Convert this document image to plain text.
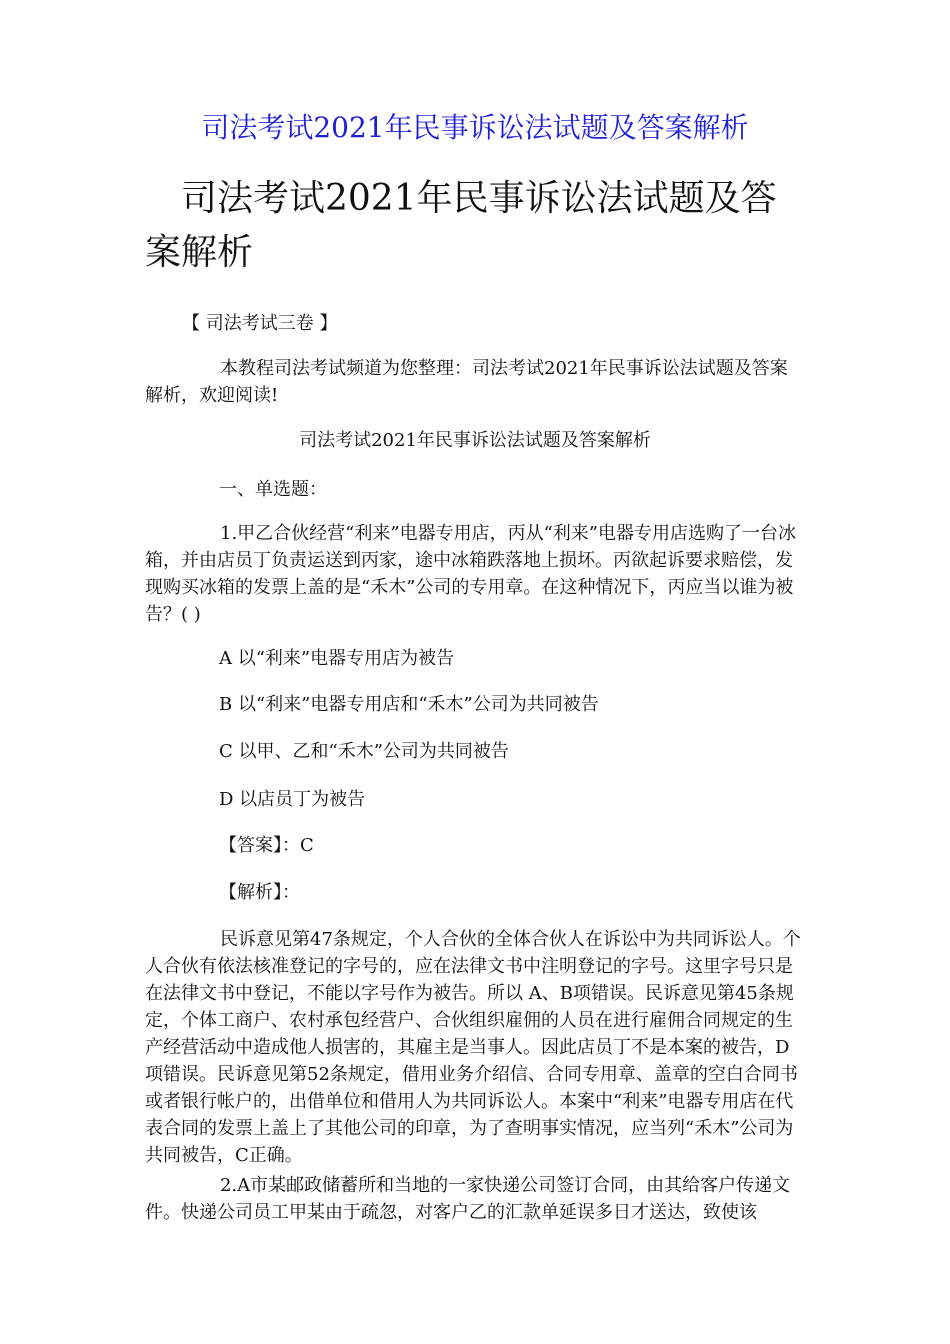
司法考试2021年民事诉讼法试题及答案解析
司法考试2021年民事诉讼法试题及答案解析

【 司法考试三卷 】

本教程司法考试频道为您整理：司法考试2021年民事诉讼法试题及答案解析，欢迎阅读!

司法考试2021年民事诉讼法试题及答案解析

一、单选题：

1.甲乙合伙经营“利来”电器专用店，丙从“利来”电器专用店选购了一台冰箱，并由店员丁负责运送到丙家，途中冰箱跌落地上损坏。丙欲起诉要求赔偿，发现购买冰箱的发票上盖的是“禾木”公司的专用章。在这种情况下，丙应当以谁为被告？( )

A 以“利来”电器专用店为被告

B 以“利来”电器专用店和“禾木”公司为共同被告

C 以甲、乙和“禾木”公司为共同被告

D 以店员丁为被告

【答案】：C

【解析】：

民诉意见第47条规定，个人合伙的全体合伙人在诉讼中为共同诉讼人。个人合伙有依法核准登记的字号的，应在法律文书中注明登记的字号。这里字号只是在法律文书中登记，不能以字号作为被告。所以 A、B项错误。民诉意见第45条规定，个体工商户、农村承包经营户、合伙组织雇佣的人员在进行雇佣合同规定的生产经营活动中造成他人损害的，其雇主是当事人。因此店员丁不是本案的被告，D项错误。民诉意见第52条规定，借用业务介绍信、合同专用章、盖章的空白合同书或者银行帐户的，出借单位和借用人为共同诉讼人。本案中“利来”电器专用店在代表合同的发票上盖上了其他公司的印章，为了查明事实情况，应当列“禾木”公司为共同被告，C正确。

2.A市某邮政储蓄所和当地的一家快递公司签订合同，由其给客户传递文件。快递公司员工甲某由于疏忽，对客户乙的汇款单延误多日才送达，致使该
